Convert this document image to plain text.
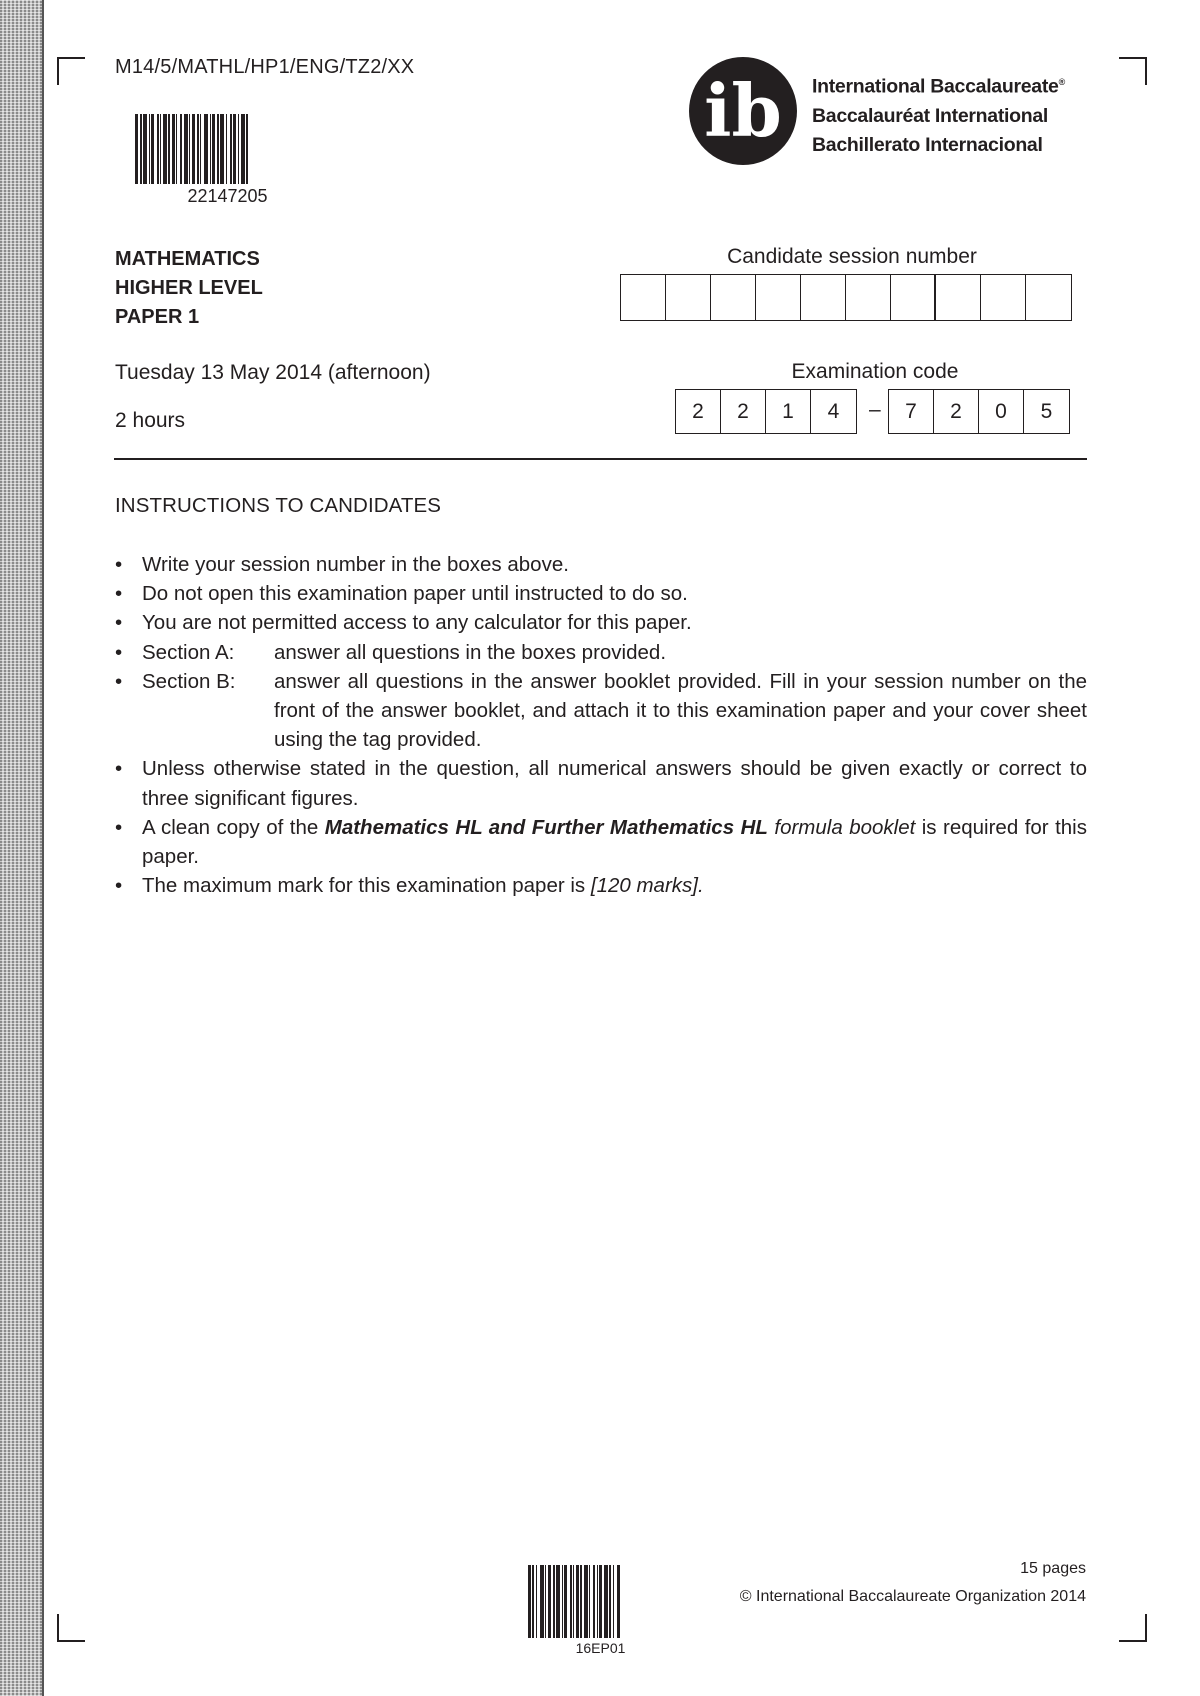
M14/5/MATHL/HP1/ENG/TZ2/XX
22147205
ib International Baccalaureate®
Baccalauréat International
Bachillerato Internacional
MATHEMATICS
HIGHER LEVEL
PAPER 1
Tuesday 13 May 2014 (afternoon)
2 hours
Candidate session number
Examination code
2	2	1	4	–	7	2	0	5
INSTRUCTIONS TO CANDIDATES
• Write your session number in the boxes above.
• Do not open this examination paper until instructed to do so.
• You are not permitted access to any calculator for this paper.
• Section A: answer all questions in the boxes provided.
• Section B: answer all questions in the answer booklet provided. Fill in your session number on the front of the answer booklet, and attach it to this examination paper and your cover sheet using the tag provided.
• Unless otherwise stated in the question, all numerical answers should be given exactly or correct to three significant figures.
• A clean copy of the Mathematics HL and Further Mathematics HL formula booklet is required for this paper.
• The maximum mark for this examination paper is [120 marks].
16EP01
15 pages
© International Baccalaureate Organization 2014
